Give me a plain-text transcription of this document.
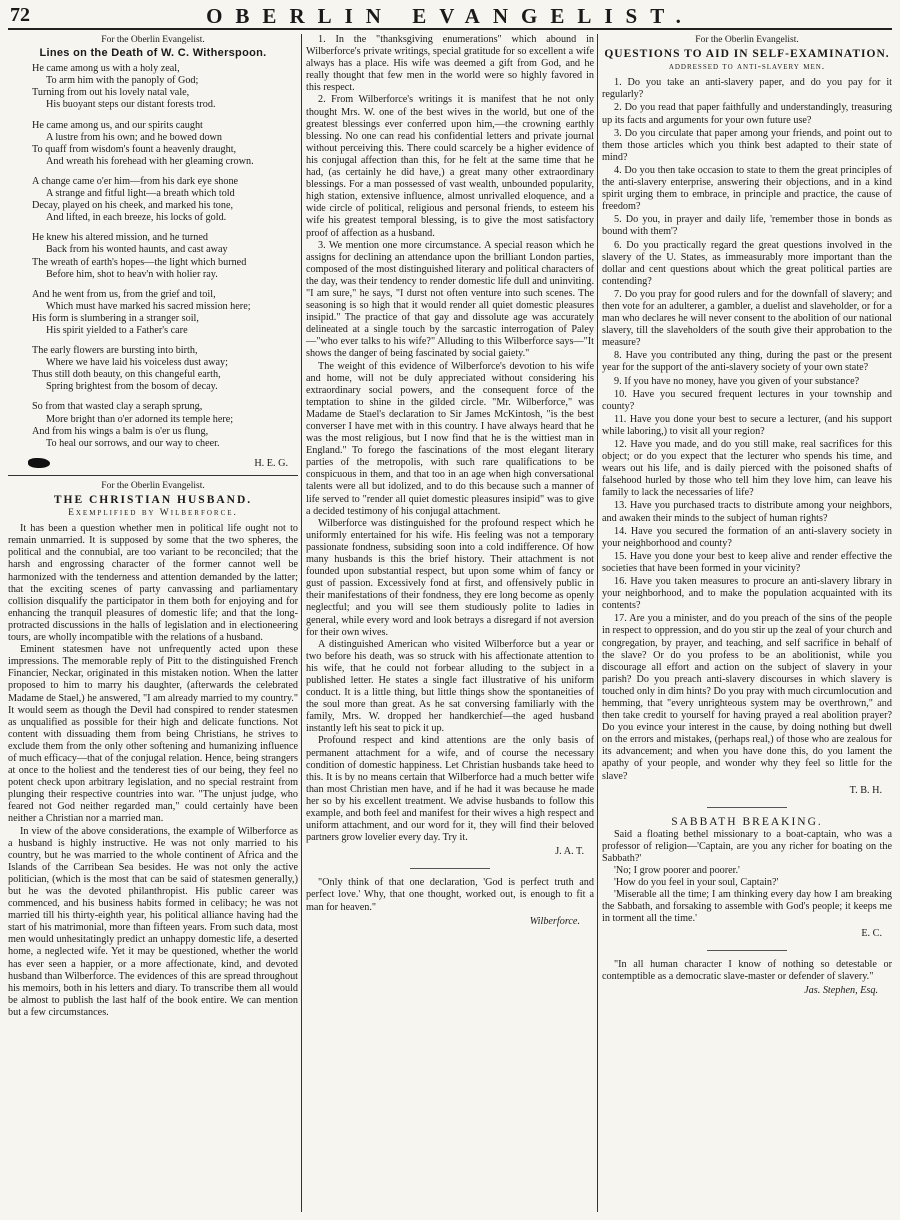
72	OBERLIN EVANGELIST.
For the Oberlin Evangelist.
Lines on the Death of W. C. Witherspoon.

He came among us with a holy zeal,

To arm him with the panoply of God;

Turning from out his lovely natal vale,

His buoyant steps our distant forests trod.

He came among us, and our spirits caught

A lustre from his own; and he bowed down

To quaff from wisdom's fount a heavenly draught,

And wreath his forehead with her gleaming crown.

A change came o'er him—from his dark eye shone

A strange and fitful light—a breath which told

Decay, played on his cheek, and marked his tone,

And lifted, in each breeze, his locks of gold.

He knew his altered mission, and he turned

Back from his wonted haunts, and cast away

The wreath of earth's hopes—the light which burned

Before him, shot to heav'n with holier ray.

And he went from us, from the grief and toil,

Which must have marked his sacred mission here;

His form is slumbering in a stranger soil,

His spirit yielded to a Father's care

The early flowers are bursting into birth,

Where we have laid his voiceless dust away;

Thus still doth beauty, on this changeful earth,

Spring brightest from the bosom of decay.

So from that wasted clay a seraph sprung,

More bright than o'er adorned its temple here;

And from his wings a balm is o'er us flung,

To heal our sorrows, and our way to cheer.

H. E. G.
For the Oberlin Evangelist.
THE CHRISTIAN HUSBAND.
Exemplified by Wilberforce.

It has been a question whether men in political life ought not to remain unmarried. It is supposed by some that the two spheres, the political and the connubial, are too variant to be reconciled; that the harsh and engrossing character of the former cannot well be harmonized with the tenderness and attention demanded by the latter; that the exciting scenes of party canvassing and parliamentary collision disqualify the participator in them both for enjoying and for enhancing the tranquil pleasures of domestic life; and that the long-protracted discussions in the halls of legislation and in electioneering tours, are wholly incompatible with the relations of a husband.

Eminent statesmen have not unfrequently acted upon these impressions. The memorable reply of Pitt to the distinguished French Financier, Neckar, originated in this mistaken notion. When the latter proposed to him to marry his daughter, (afterwards the celebrated Madame de Stael,) he answered, "I am already married to my country." It would seem as though the Devil had conspired to render statesmen as unqualified as possible for their high and delicate functions. Not content with dissuading them from being Christians, he strives to exclude them from the only other softening and humanizing influence of much efficacy—that of the conjugal relation. Hence, being strangers at once to the holiest and the tenderest ties of our being, they feel no potent check upon arbitrary legislation, and no special restraint from plunging their respective countries into war. "The unjust judge, who feared not God neither regarded man," could certainly have been neither a Christian nor a married man.

In view of the above considerations, the example of Wilberforce as a husband is highly instructive. He was not only married to his country, but he was married to the whole continent of Africa and the Islands of the Carribean Sea besides. He was not only the active politician, (which is the most that can be said of statesmen generally,) but he was the devoted philanthropist. His public career was commenced, and his business habits formed in celibacy; he was not married till his thirty-eighth year, his political alliance having had the start of his matrimonial, more than fifteen years. From such data, most men would unhesitatingly predict an unhappy domestic life, a deserted home, a neglected wife. Yet it may be questioned, whether the world has ever seen a happier, or a more affectionate, kind, and devoted husband than Wilberforce. The evidences of this are spread throughout his memoirs, both in his letters and diary. To transcribe them all would be almost to publish the last half of the book entire. We can mention but a few circumstances.

1. In the "thanksgiving enumerations" which abound in Wilberforce's private writings, special gratitude for so excellent a wife always has a place. His wife was deemed a gift from God, and he really thought that few men in the world were so highly favored in this respect.

2. From Wilberforce's writings it is manifest that he not only thought Mrs. W. one of the best wives in the world, but one of the greatest blessings ever conferred upon him,—the crowning earthly blessing. No one can read his confidential letters and private journal without perceiving this. There could scarcely be a higher evidence of his conjugal affection than this, for he felt at the same time that he had, (as certainly he did have,) a great many other extraordinary blessings. For a man possessed of vast wealth, unbounded popularity, high station, extensive influence, almost unrivalled eloquence, and a wide circle of political, religious and personal friends, to esteem his wife his greatest temporal blessing, is to give the most satisfactory proof of affection as a husband.

3. We mention one more circumstance. A special reason which he assigns for declining an attendance upon the brilliant London parties, composed of the most distinguished literary and political characters of the day, was their tendency to render domestic life dull and uninviting. "I am sure," he says, "I durst not often venture into such scenes. The seasoning is so high that it would render all quiet domestic pleasures insipid." The practice of that gay and dissolute age was accurately delineated at a single touch by the sarcastic interrogation of Paley—"who ever talks to his wife?" Alluding to this Wilberforce says—"It shows the danger of being fascinated by social gaiety."

The weight of this evidence of Wilberforce's devotion to his wife and home, will not be duly appreciated without considering his extraordinary social powers, and the consequent force of the temptation to shine in the gilded circle. "Mr. Wilberforce," was Madame de Stael's declaration to Sir James McKintosh, "is the best converser I have met with in this country. I have always heard that he was the most religious, but I now find that he is the wittiest man in England." To forego the fascinations of the most elegant literary parties of the metropolis, with such rare qualifications to be conspicuous in them, and that too in an age when high conversational talents were all but idolized, and to do this because such a manner of life served to "render all quiet domestic pleasures insipid" was to give a decided testimony of his conjugal attachment.

Wilberforce was distinguished for the profound respect which he uniformly entertained for his wife. His feeling was not a temporary passionate fondness, subsiding soon into a cold indifference. Of how many husbands is this the brief history. Their attachment is not founded upon substantial respect, but upon some whim of fancy or gust of passion. Excessively fond at first, and offensively public in their manifestations of their fondness, they ere long become as openly neglectful; and you will see them studiously polite to ladies in general, while every word and look betrays a disregard if not aversion for their own wives.

A distinguished American who visited Wilberforce but a year or two before his death, was so struck with his affectionate attention to his wife, that he could not forbear alluding to the subject in a published letter. He states a single fact illustrative of his uniform conduct. It is a little thing, but little things show the spontaneities of the soul more than great. As he sat conversing familiarly with the family, Mrs. W. dropped her handkerchief—the aged husband instantly left his seat to pick it up.

Profound respect and kind attentions are the only basis of permanent attachment for a wife, and of course the necessary condition of domestic happiness. Let Christian husbands take heed to this. It is by no means certain that Wilberforce had a much better wife than most Christian men have, and if he had it was because he made her so by his excellent treatment. We advise husbands to follow this example, and both feel and manifest for their wives a high respect and uniform attachment, and our word for it, they will find their beloved partners grow lovelier every day. Try it.

J. A. T.

"Only think of that one declaration, 'God is perfect truth and perfect love.' Why, that one thought, worked out, is enough to fit a man for heaven."

Wilberforce.
For the Oberlin Evangelist.
QUESTIONS TO AID IN SELF-EXAMINATION.
addressed to anti-slavery men.

1. Do you take an anti-slavery paper, and do you pay for it regularly?

2. Do you read that paper faithfully and understandingly, treasuring up its facts and arguments for your own future use?

3. Do you circulate that paper among your friends, and point out to them those articles which you think best adapted to their state of mind?

4. Do you then take occasion to state to them the great principles of the anti-slavery enterprise, answering their objections, and in a kind spirit urging them to embrace, in principle and practice, the cause of freedom?

5. Do you, in prayer and daily life, 'remember those in bonds as bound with them'?

6. Do you practically regard the great questions involved in the slavery of the U. States, as immeasurably more important than the dollar and cent questions about which the great political parties are contending?

7. Do you pray for good rulers and for the downfall of slavery; and then vote for an adulterer, a gambler, a duelist and slaveholder, or for a man who declares he will never consent to the abolition of our national slavery, till the slaveholders of the south give their approbation to the measure?

8. Have you contributed any thing, during the past or the present year for the support of the anti-slavery society of your own state?

9. If you have no money, have you given of your substance?

10. Have you secured frequent lectures in your township and county?

11. Have you done your best to secure a lecturer, (and his support while laboring,) to visit all your region?

12. Have you made, and do you still make, real sacrifices for this object; or do you expect that the lecturer who spends his time, and wears out his life, and is daily pierced with the poisoned shafts of falsehood hurled by those who tell him they love him, can leave his family to lack the necessaries of life?

13. Have you purchased tracts to distribute among your neighbors, and awaken their minds to the subject of human rights?

14. Have you secured the formation of an anti-slavery society in your neighborhood and county?

15. Have you done your best to keep alive and render effective the societies that have been formed in your vicinity?

16. Have you taken measures to procure an anti-slavery library in your neighborhood, and to make the population acquainted with its contents?

17. Are you a minister, and do you preach of the sins of the people in respect to oppression, and do you stir up the zeal of your church and congregation, by prayer, and teaching, and self sacrifice in behalf of the slave? Or do you profess to be an abolitionist, while you discourage all effort and action on the subject of slavery in your parish? Do you preach anti-slavery discourses in which slavery is touched only in dim hints? Do you pray with much circumlocution and hemming, that "every unrighteous system may be overthrown," and then take credit to yourself for having prayed a real abolition prayer? Do you evince your interest in the cause, by doing nothing but dwell on the errors and mistakes, (perhaps real,) of those who are zealous for its advancement; and when you have done this, do you lament the apathy of your people, and wonder why they feel so little for the slave?

T. B. H.
SABBATH BREAKING.

Said a floating bethel missionary to a boat-captain, who was a professor of religion—'Captain, are you any richer for boating on the Sabbath?'

'No; I grow poorer and poorer.'

'How do you feel in your soul, Captain?'

'Miserable all the time; I am thinking every day how I am breaking the Sabbath, and forsaking to assemble with God's people; it keeps me in torment all the time.'

E. C.

"In all human character I know of nothing so detestable or contemptible as a democratic slave-master or defender of slavery."

Jas. Stephen, Esq.
